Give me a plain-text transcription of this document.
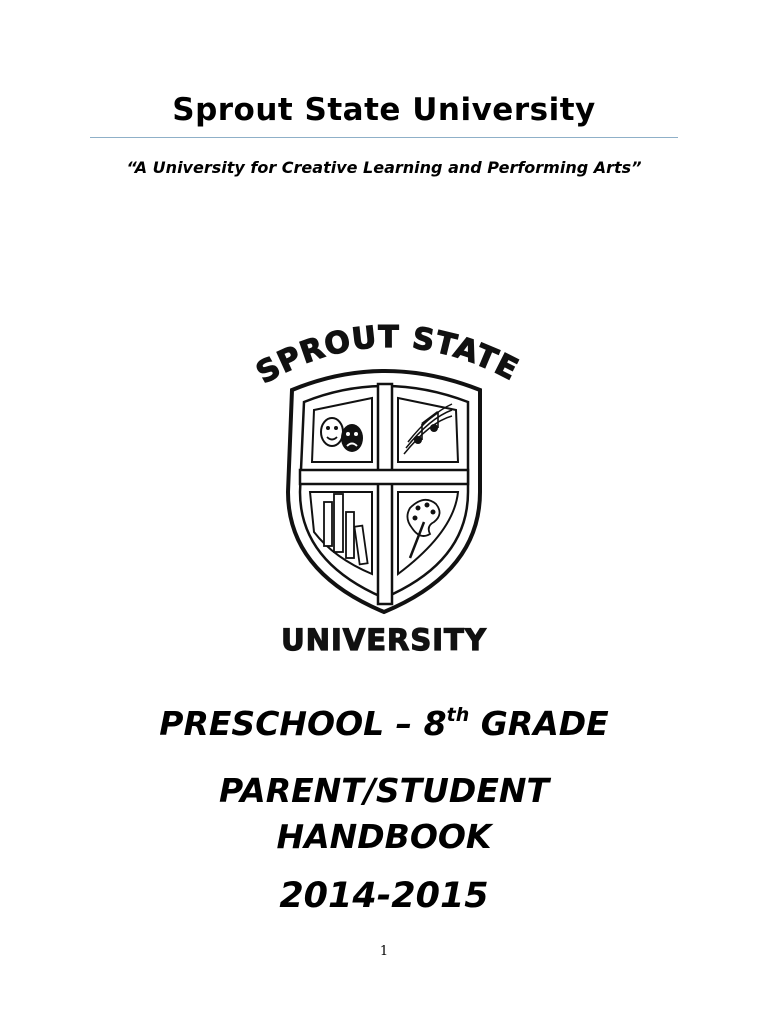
Sprout State University
“A University for Creative Learning and Performing Arts”
SPROUT STATE
UNIVERSITY
PRESCHOOL – 8th GRADE
PARENT/STUDENT
HANDBOOK
2014-2015
1
